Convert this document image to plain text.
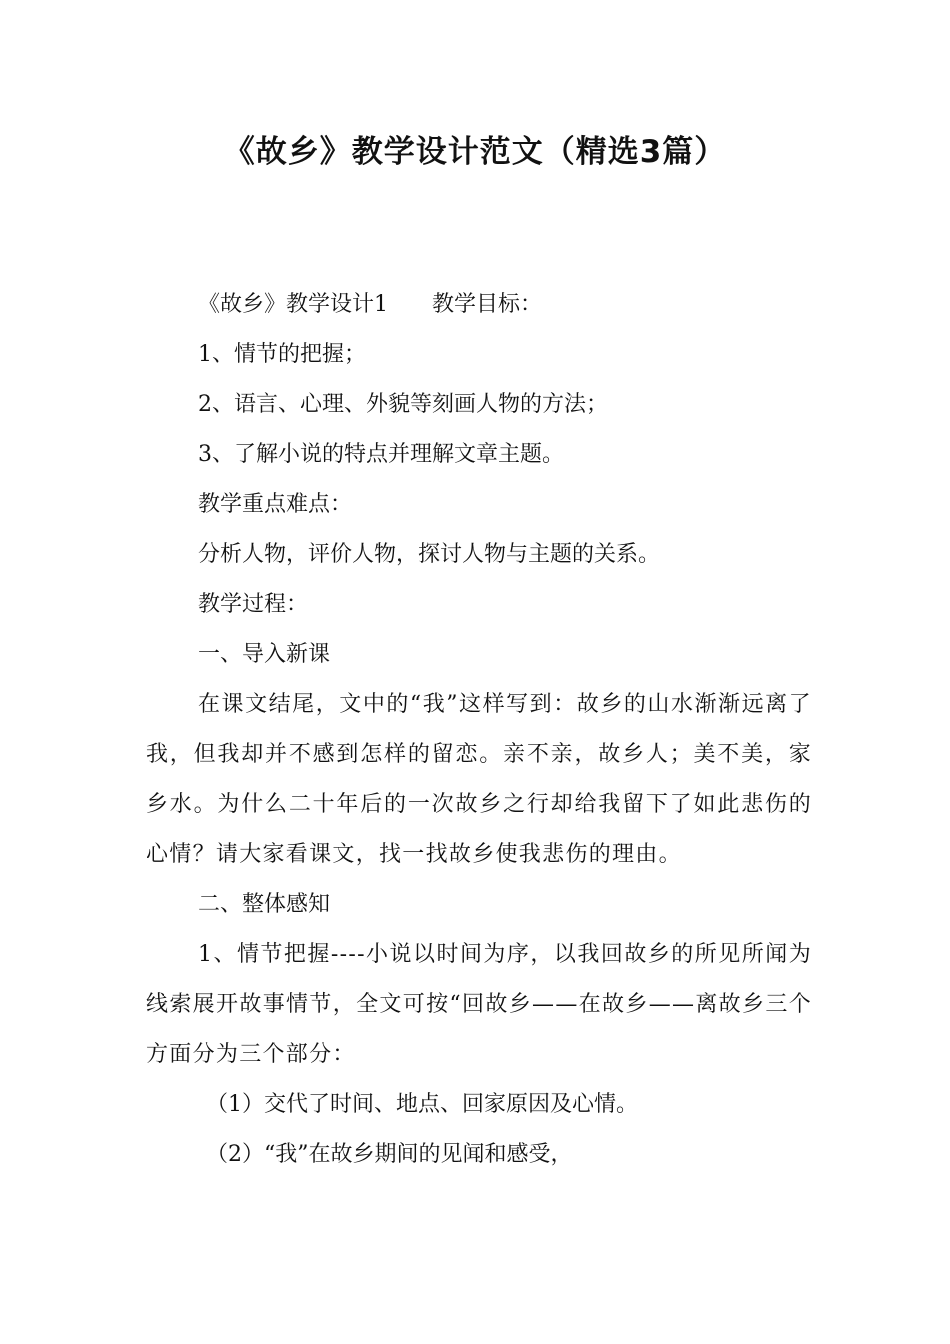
《故乡》教学设计范文（精选3篇）

《故乡》教学设计1 教学目标：

1、情节的把握；

2、语言、心理、外貌等刻画人物的方法；

3、了解小说的特点并理解文章主题。

教学重点难点：

分析人物，评价人物，探讨人物与主题的关系。

教学过程：

一、导入新课

在课文结尾，文中的“我”这样写到：故乡的山水渐渐远离了我，但我却并不感到怎样的留恋。亲不亲，故乡人；美不美，家乡水。为什么二十年后的一次故乡之行却给我留下了如此悲伤的心情？请大家看课文，找一找故乡使我悲伤的理由。

二、整体感知

1、情节把握----小说以时间为序，以我回故乡的所见所闻为线索展开故事情节，全文可按“回故乡——在故乡——离故乡三个方面分为三个部分：

（1）交代了时间、地点、回家原因及心情。

（2）“我”在故乡期间的见闻和感受，
